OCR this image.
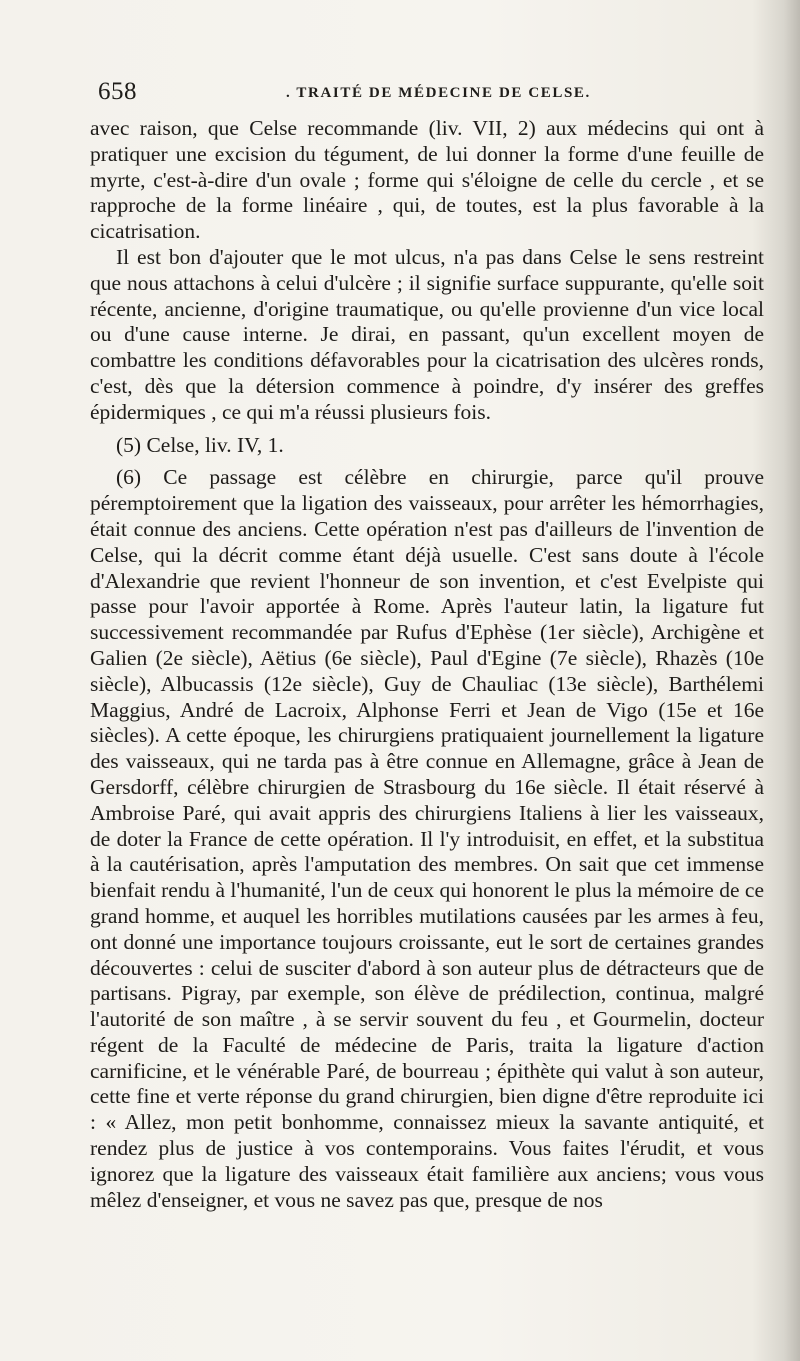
658	. TRAITÉ DE MÉDECINE DE CELSE.

avec raison, que Celse recommande (liv. VII, 2) aux médecins qui ont à pratiquer une excision du tégument, de lui donner la forme d'une feuille de myrte, c'est-à-dire d'un ovale ; forme qui s'éloigne de celle du cercle , et se rapproche de la forme linéaire , qui, de toutes, est la plus favorable à la cicatrisation.

Il est bon d'ajouter que le mot ulcus, n'a pas dans Celse le sens restreint que nous attachons à celui d'ulcère ; il signifie surface suppurante, qu'elle soit récente, ancienne, d'origine traumatique, ou qu'elle provienne d'un vice local ou d'une cause interne. Je dirai, en passant, qu'un excellent moyen de combattre les conditions défavorables pour la cicatrisation des ulcères ronds, c'est, dès que la détersion commence à poindre, d'y insérer des greffes épidermiques , ce qui m'a réussi plusieurs fois.

(5) Celse, liv. IV, 1.

(6) Ce passage est célèbre en chirurgie, parce qu'il prouve péremptoirement que la ligation des vaisseaux, pour arrêter les hémorrhagies, était connue des anciens. Cette opération n'est pas d'ailleurs de l'invention de Celse, qui la décrit comme étant déjà usuelle. C'est sans doute à l'école d'Alexandrie que revient l'honneur de son invention, et c'est Evelpiste qui passe pour l'avoir apportée à Rome. Après l'auteur latin, la ligature fut successivement recommandée par Rufus d'Ephèse (1er siècle), Archigène et Galien (2e siècle), Aëtius (6e siècle), Paul d'Egine (7e siècle), Rhazès (10e siècle), Albucassis (12e siècle), Guy de Chauliac (13e siècle), Barthélemi Maggius, André de Lacroix, Alphonse Ferri et Jean de Vigo (15e et 16e siècles). A cette époque, les chirurgiens pratiquaient journellement la ligature des vaisseaux, qui ne tarda pas à être connue en Allemagne, grâce à Jean de Gersdorff, célèbre chirurgien de Strasbourg du 16e siècle. Il était réservé à Ambroise Paré, qui avait appris des chirurgiens Italiens à lier les vaisseaux, de doter la France de cette opération. Il l'y introduisit, en effet, et la substitua à la cautérisation, après l'amputation des membres. On sait que cet immense bienfait rendu à l'humanité, l'un de ceux qui honorent le plus la mémoire de ce grand homme, et auquel les horribles mutilations causées par les armes à feu, ont donné une importance toujours croissante, eut le sort de certaines grandes découvertes : celui de susciter d'abord à son auteur plus de détracteurs que de partisans. Pigray, par exemple, son élève de prédilection, continua, malgré l'autorité de son maître , à se servir souvent du feu , et Gourmelin, docteur régent de la Faculté de médecine de Paris, traita la ligature d'action carnificine, et le vénérable Paré, de bourreau ; épithète qui valut à son auteur, cette fine et verte réponse du grand chirurgien, bien digne d'être reproduite ici : « Allez, mon petit bonhomme, connaissez mieux la savante antiquité, et rendez plus de justice à vos contemporains. Vous faites l'érudit, et vous ignorez que la ligature des vaisseaux était familière aux anciens; vous vous mêlez d'enseigner, et vous ne savez pas que, presque de nos
